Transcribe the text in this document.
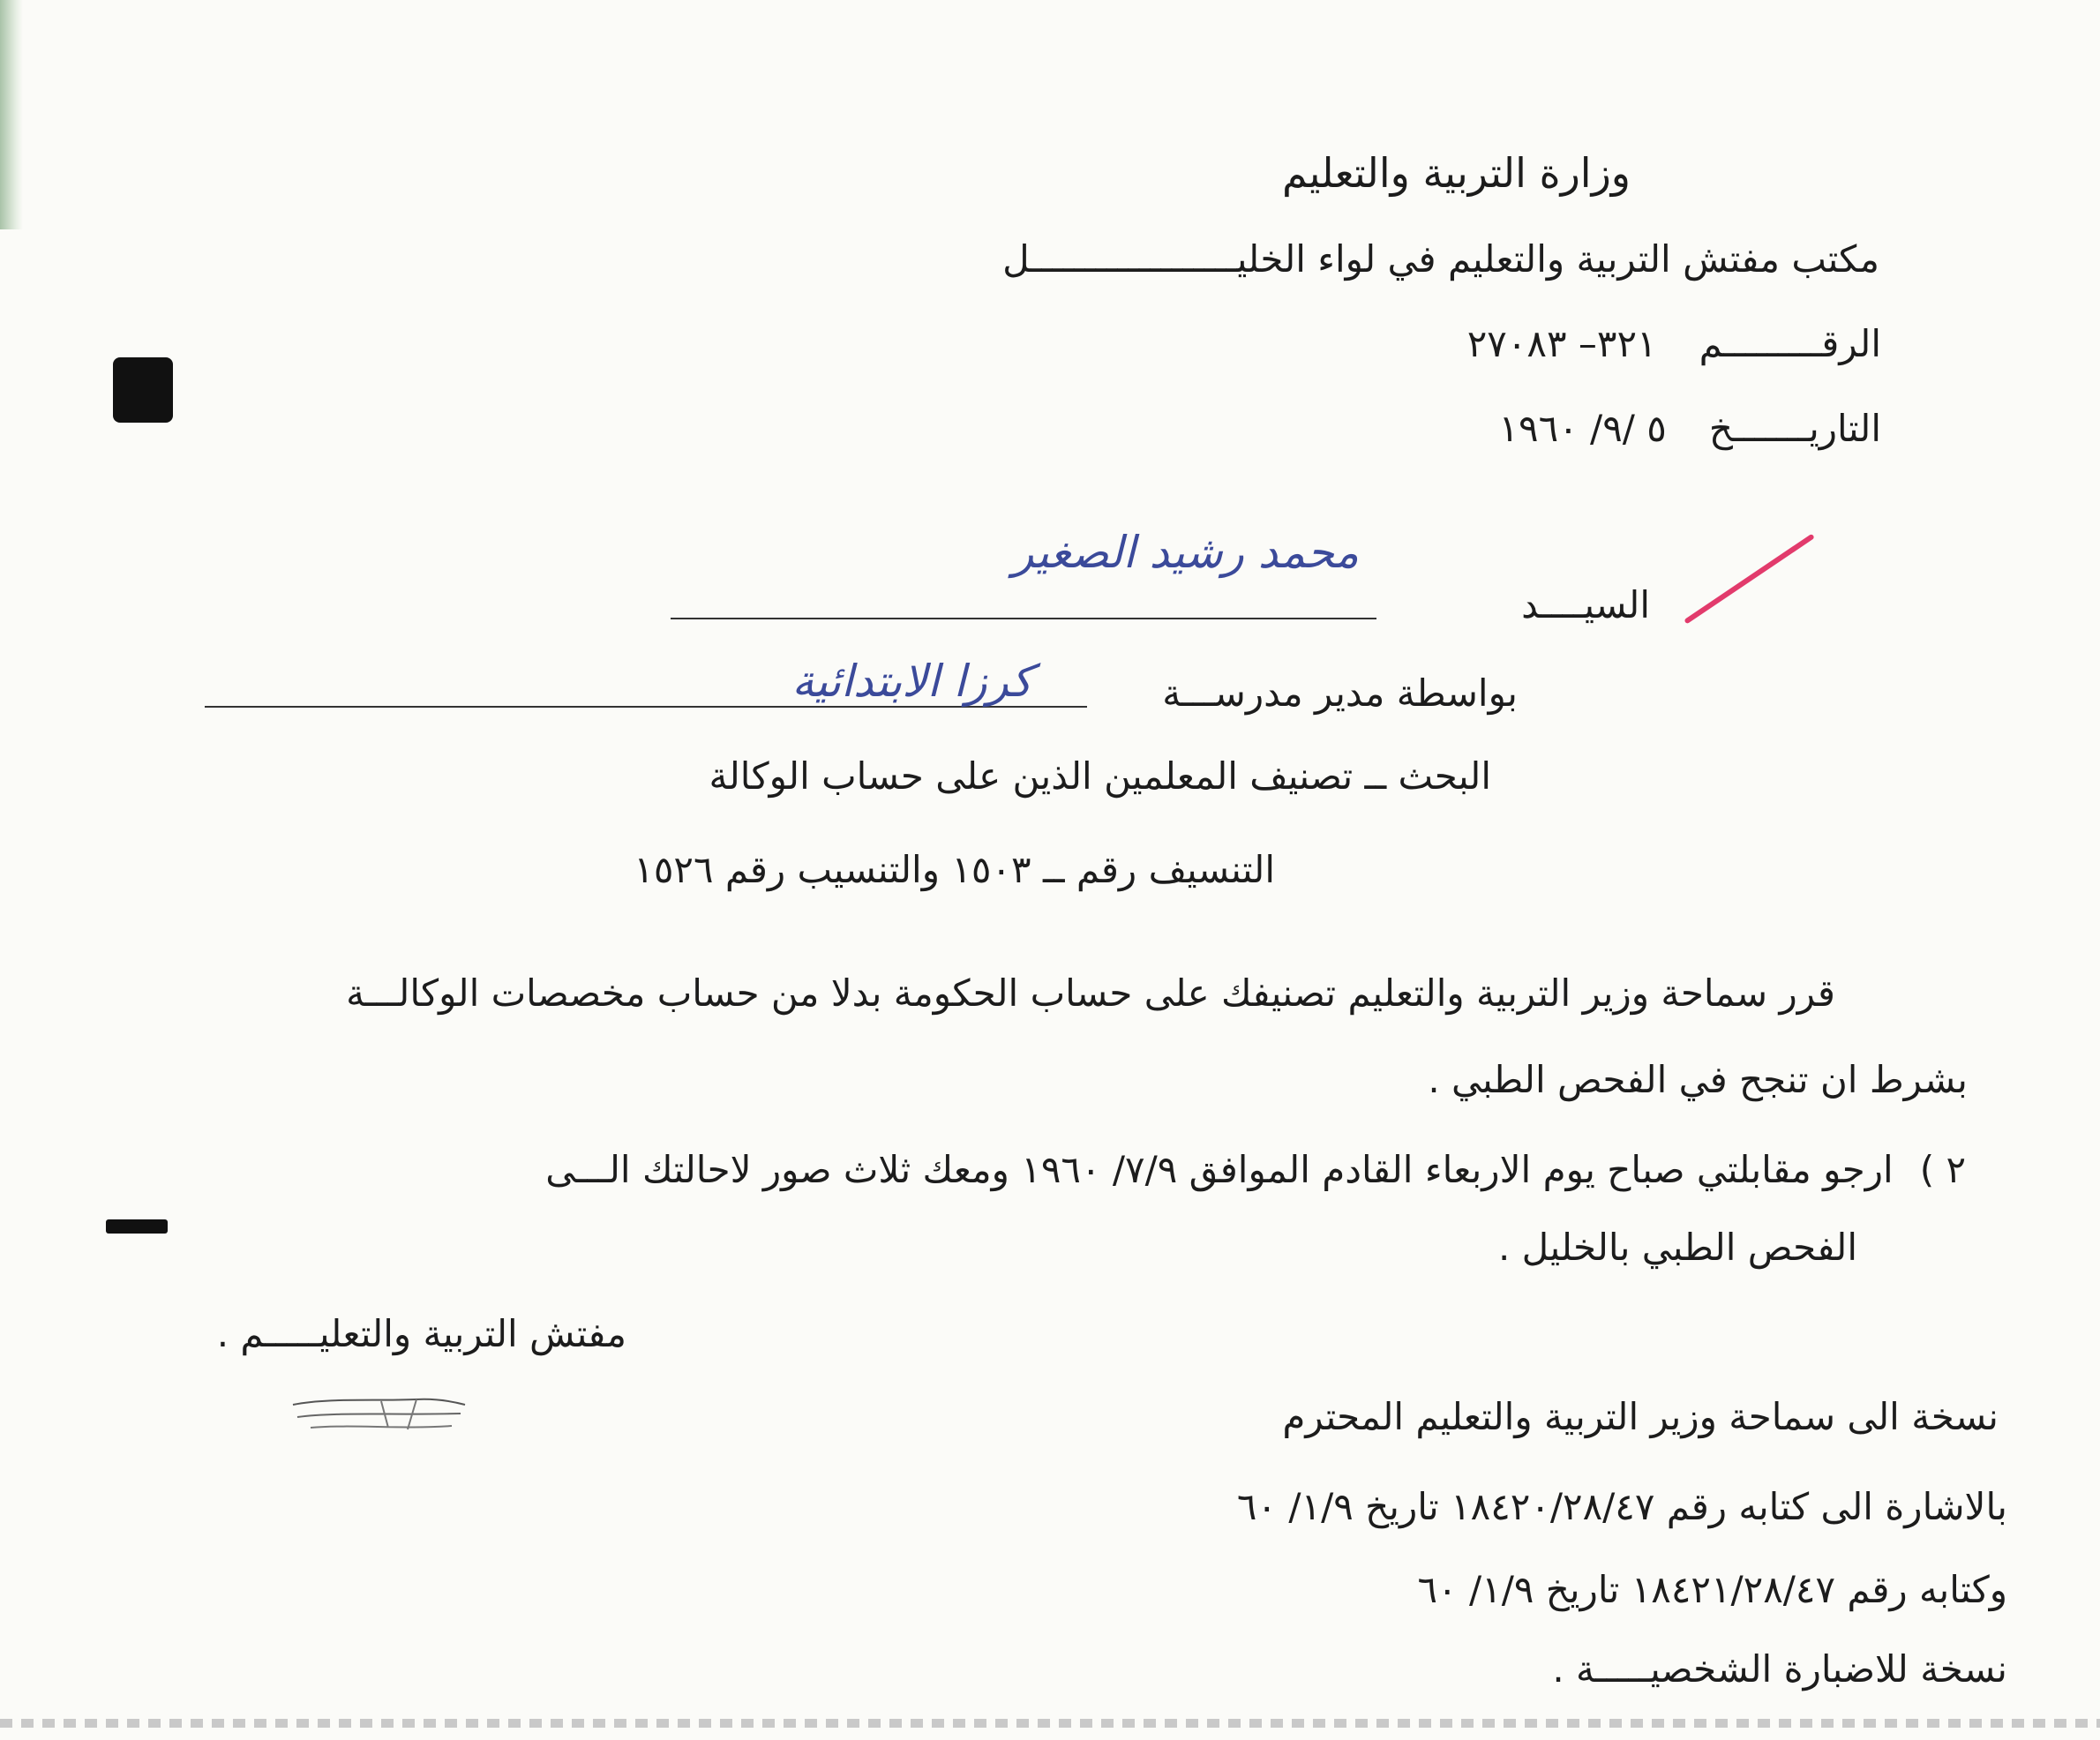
وزارة التربية والتعليم
مكتب مفتش التربية والتعليم في لواء الخليـــــــــــــــــــل
الرقـــــــــم٣٢١– ٢٧٠٨٣
التاريـــــــخ٥ /٩/ ١٩٦٠
السيــــد
محمد رشيد الصغير
بواسطة مدير مدرســـة
كرزا الابتدائية
البحث ــ تصنيف المعلمين الذين على حساب الوكالة
التنسيف رقم ــ ١٥٠٣ والتنسيب رقم ١٥٢٦
قرر سماحة وزير التربية والتعليم تصنيفك على حساب الحكومة بدلا من حساب مخصصات الوكالـــة
بشرط ان تنجح في الفحص الطبي .
٢ )ارجو مقابلتي صباح يوم الاربعاء القادم الموافق ٧/٩/ ١٩٦٠ ومعك ثلاث صور لاحالتك الـــى
الفحص الطبي بالخليل .
مفتش التربية والتعليـــــم .
نسخة الى سماحة وزير التربية والتعليم المحترم
بالاشارة الى كتابه رقم ١٨٤٢٠/٢٨/٤٧ تاريخ ١/٩/ ٦٠
وكتابه رقم ١٨٤٢١/٢٨/٤٧ تاريخ ١/٩/ ٦٠
نسخة للاضبارة الشخصيـــــة .
